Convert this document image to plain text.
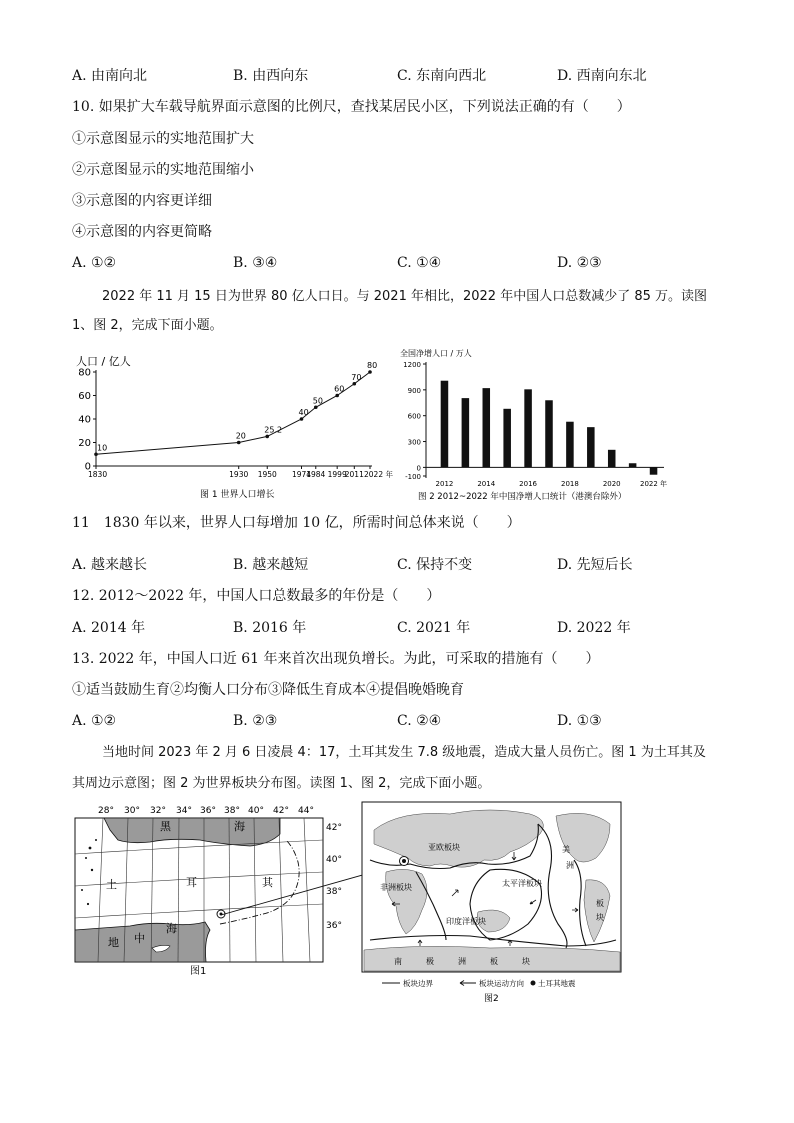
A. 由南向北	B. 由西向东	C. 东南向西北	D. 西南向东北
10. 如果扩大车载导航界面示意图的比例尺，查找某居民小区，下列说法正确的有（　　）
①示意图显示的实地范围扩大
②示意图显示的实地范围缩小
③示意图的内容更详细
④示意图的内容更简略
A. ①②	B. ③④	C. ①④	D. ②③
2022 年 11 月 15 日为世界 80 亿人口日。与 2021 年相比，2022 年中国人口总数减少了 85 万。读图
1、图 2，完成下面小题。
人口 / 亿人
80
60
40
20
0
1830	1930 1950 1974
1984 1999
2011 2022 年
10
20
25.2
40
50
60
70
80
图 1 世界人口增长
全国净增人口 / 万人
1200
900
600
300
0
-100
2012	2014	2016	2018	2020	2022 年
图 2 2012~2022 年中国净增人口统计（港澳台除外）
11　1830 年以来，世界人口每增加 10 亿，所需时间总体来说（　　）
A. 越来越长	B. 越来越短	C. 保持不变	D. 先短后长
12. 2012～2022 年，中国人口总数最多的年份是（　　）
A. 2014 年	B. 2016 年	C. 2021 年	D. 2022 年
13. 2022 年，中国人口近 61 年来首次出现负增长。为此，可采取的措施有（　　）
①适当鼓励生育②均衡人口分布③降低生育成本④提倡晚婚晚育
A. ①②	B. ②③	C. ②④	D. ①③
当地时间 2023 年 2 月 6 日凌晨 4：17，土耳其发生 7.8 级地震，造成大量人员伤亡。图 1 为土耳其及
其周边示意图；图 2 为世界板块分布图。读图 1、图 2，完成下面小题。
28° 30° 32° 34° 36° 38° 40° 42° 44°
42°
40°
38°
36°
黑	海
土	耳	其
地 中
海
图1
亚欧板块
非洲板块	太平洋板块
印度洋板块
美
洲
板
块
南	极	洲	板	块
板块边界	板块运动方向 土耳其地震
图2
